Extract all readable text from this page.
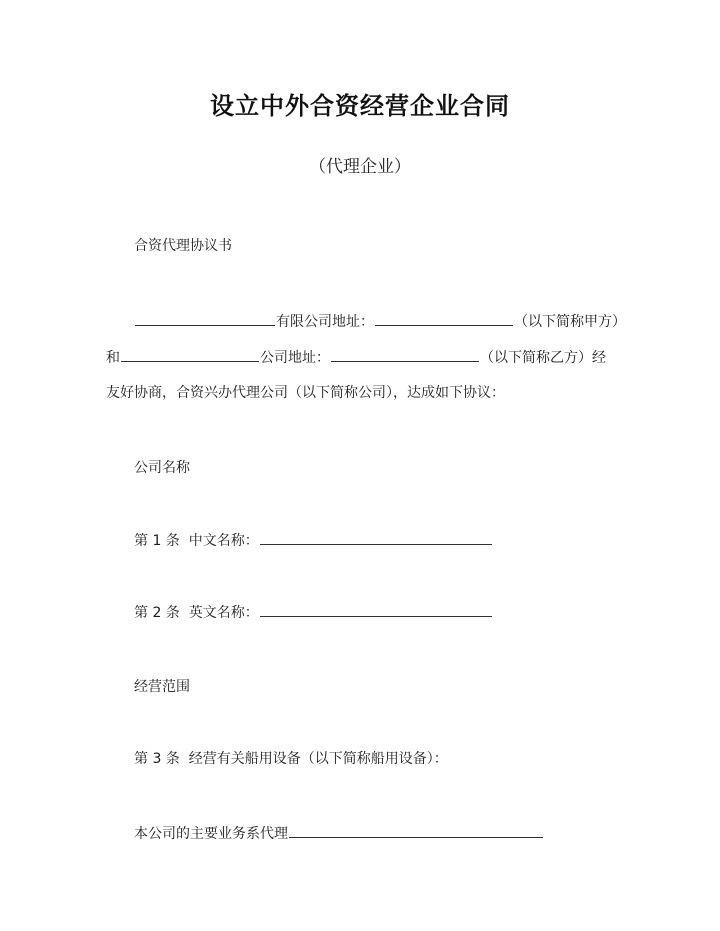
设立中外合资经营企业合同
（代理企业）
合资代理协议书
有限公司地址：	（以下简称甲方）
和	公司地址：	（以下简称乙方）经
友好协商，合资兴办代理公司（以下简称公司），达成如下协议：
公司名称
第 1 条 中文名称：
第 2 条 英文名称：
经营范围
第 3 条 经营有关船用设备（以下简称船用设备）：
本公司的主要业务系代理
